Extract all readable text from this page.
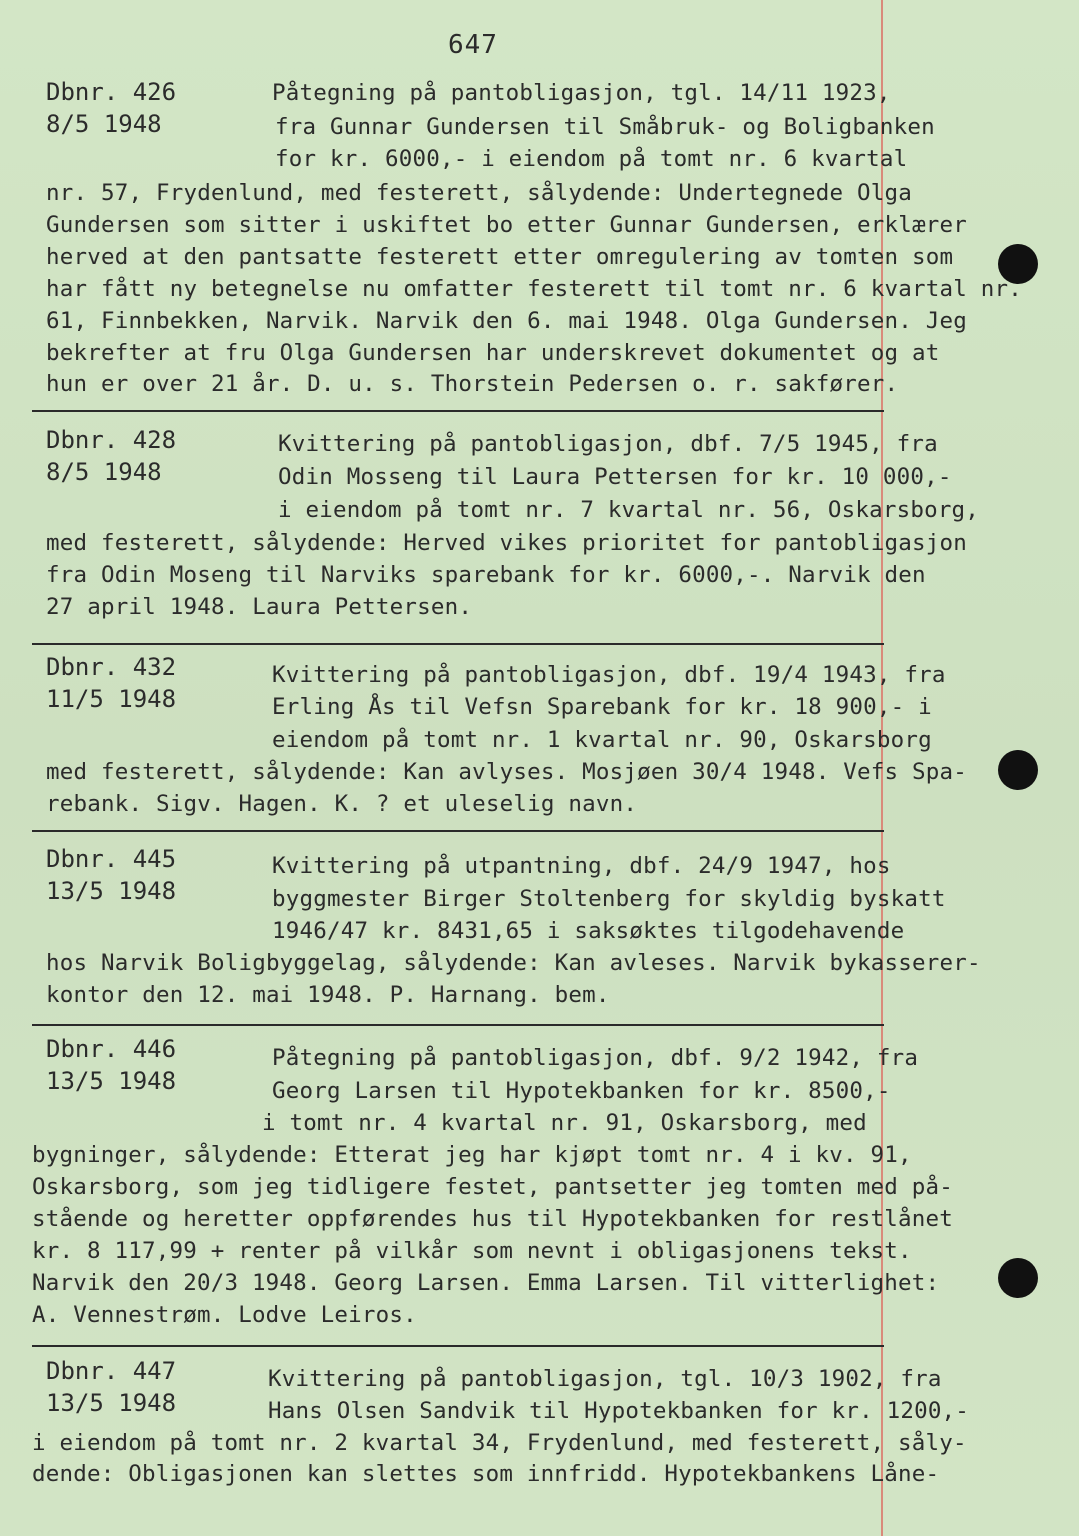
647
Dbnr. 426
8/5 1948
Påtegning på pantobligasjon, tgl. 14/11 1923,
fra Gunnar Gundersen til Småbruk- og Boligbanken
for kr. 6000,- i eiendom på tomt nr. 6 kvartal
nr. 57, Frydenlund, med festerett, sålydende: Undertegnede Olga
Gundersen som sitter i uskiftet bo etter Gunnar Gundersen, erklærer
herved at den pantsatte festerett etter omregulering av tomten som
har fått ny betegnelse nu omfatter festerett til tomt nr. 6 kvartal nr.
61, Finnbekken, Narvik. Narvik den 6. mai 1948. Olga Gundersen. Jeg
bekrefter at fru Olga Gundersen har underskrevet dokumentet og at
hun er over 21 år. D. u. s. Thorstein Pedersen o. r. sakfører.
Dbnr. 428
8/5 1948
Kvittering på pantobligasjon, dbf. 7/5 1945, fra
Odin Mosseng til Laura Pettersen for kr. 10 000,-
i eiendom på tomt nr. 7 kvartal nr. 56, Oskarsborg,
med festerett, sålydende: Herved vikes prioritet for pantobligasjon
fra Odin Moseng til Narviks sparebank for kr. 6000,-. Narvik den
27 april 1948. Laura Pettersen.
Dbnr. 432
11/5 1948
Kvittering på pantobligasjon, dbf. 19/4 1943, fra
Erling Ås til Vefsn Sparebank for kr. 18 900,- i
eiendom på tomt nr. 1 kvartal nr. 90, Oskarsborg
med festerett, sålydende: Kan avlyses. Mosjøen 30/4 1948. Vefs Spa-
rebank. Sigv. Hagen. K. ? et uleselig navn.
Dbnr. 445
13/5 1948
Kvittering på utpantning, dbf. 24/9 1947, hos
byggmester Birger Stoltenberg for skyldig byskatt
1946/47 kr. 8431,65 i saksøktes tilgodehavende
hos Narvik Boligbyggelag, sålydende: Kan avleses. Narvik bykasserer-
kontor den 12. mai 1948. P. Harnang. bem.
Dbnr. 446
13/5 1948
Påtegning på pantobligasjon, dbf. 9/2 1942, fra
Georg Larsen til Hypotekbanken for kr. 8500,-
i tomt nr. 4 kvartal nr. 91, Oskarsborg, med
bygninger, sålydende: Etterat jeg har kjøpt tomt nr. 4 i kv. 91,
Oskarsborg, som jeg tidligere festet, pantsetter jeg tomten med på-
stående og heretter oppførendes hus til Hypotekbanken for restlånet
kr. 8 117,99 + renter på vilkår som nevnt i obligasjonens tekst.
Narvik den 20/3 1948. Georg Larsen. Emma Larsen. Til vitterlighet:
A. Vennestrøm. Lodve Leiros.
Dbnr. 447
13/5 1948
Kvittering på pantobligasjon, tgl. 10/3 1902, fra
Hans Olsen Sandvik til Hypotekbanken for kr. 1200,-
i eiendom på tomt nr. 2 kvartal 34, Frydenlund, med festerett, såly-
dende: Obligasjonen kan slettes som innfridd. Hypotekbankens Låne-
